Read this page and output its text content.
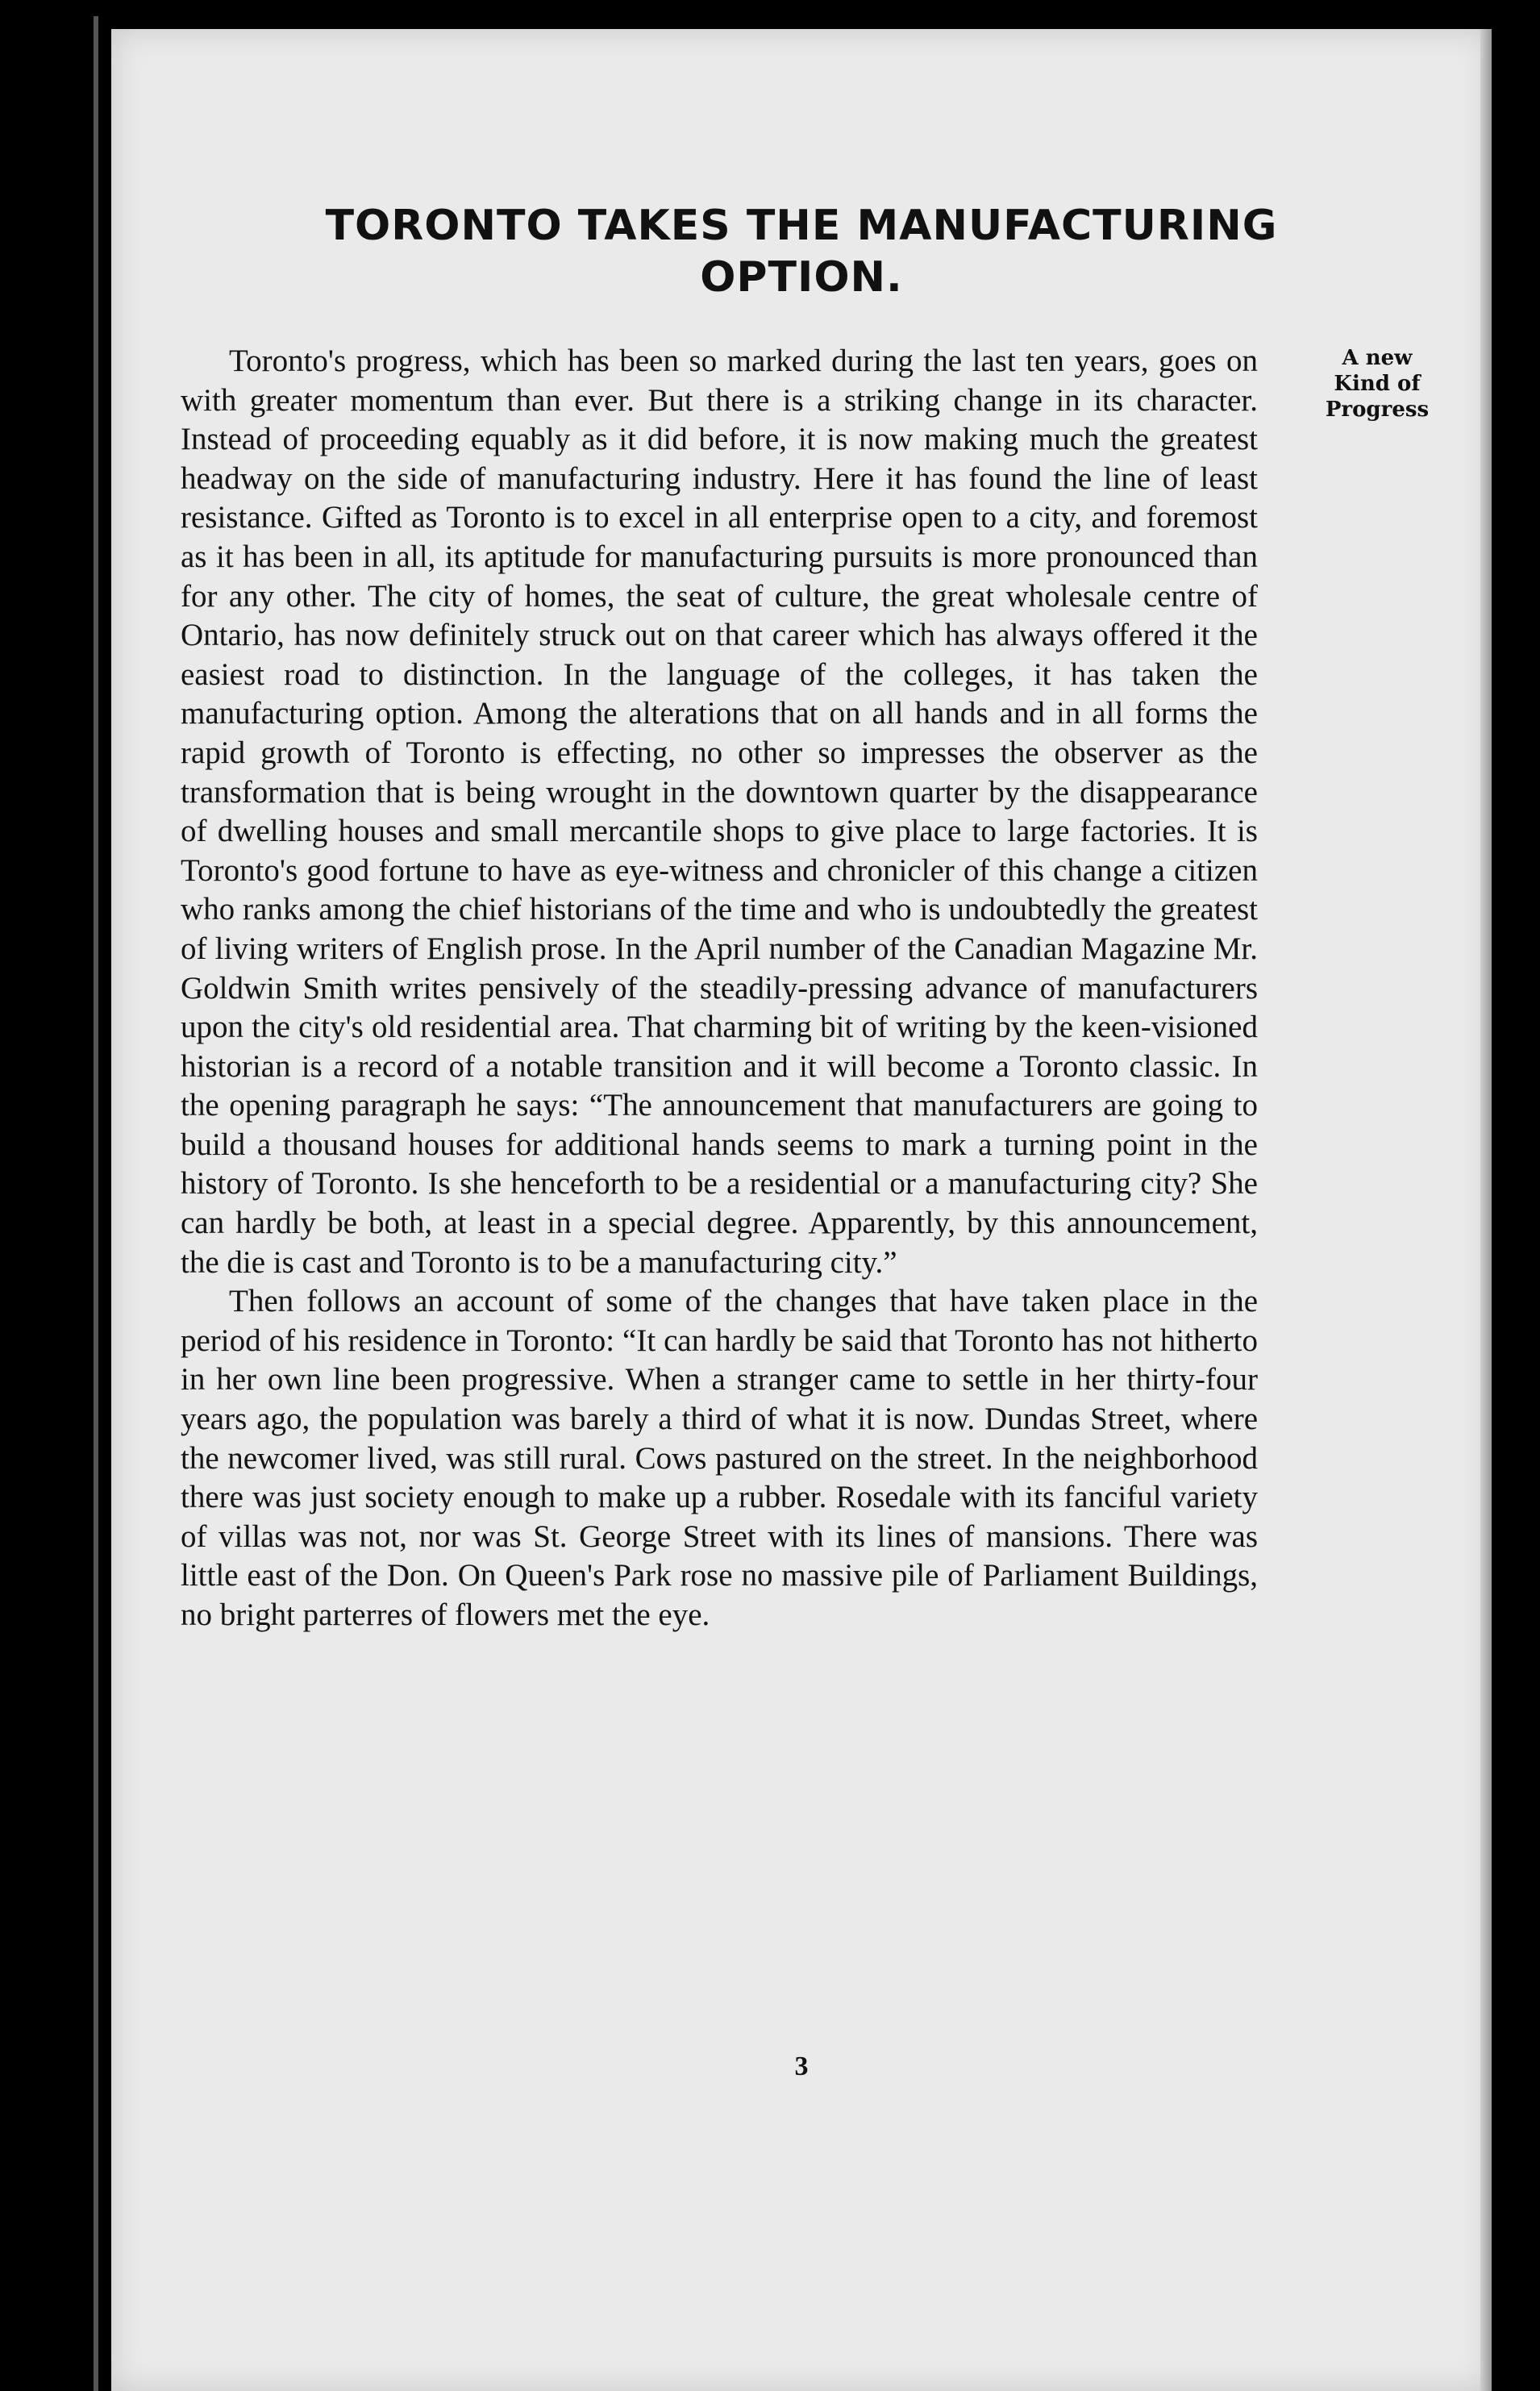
TORONTO TAKES THE MANUFACTURING
OPTION.
A new
Kind of
Progress

Toronto's progress, which has been so marked during the last ten years, goes on with greater momentum than ever. But there is a striking change in its character. Instead of proceeding equably as it did before, it is now making much the greatest headway on the side of manufacturing industry. Here it has found the line of least resistance. Gifted as Toronto is to excel in all enterprise open to a city, and foremost as it has been in all, its aptitude for manufacturing pursuits is more pronounced than for any other. The city of homes, the seat of culture, the great wholesale centre of Ontario, has now definitely struck out on that career which has always offered it the easiest road to distinction. In the language of the colleges, it has taken the manufacturing option. Among the alterations that on all hands and in all forms the rapid growth of Toronto is effecting, no other so impresses the observer as the transformation that is being wrought in the downtown quarter by the disappearance of dwelling houses and small mercantile shops to give place to large factories. It is Toronto's good fortune to have as eye-witness and chronicler of this change a citizen who ranks among the chief historians of the time and who is undoubtedly the greatest of living writers of English prose. In the April number of the Canadian Magazine Mr. Goldwin Smith writes pensively of the steadily-pressing advance of manufacturers upon the city's old residential area. That charming bit of writing by the keen-visioned historian is a record of a notable transition and it will become a Toronto classic. In the opening paragraph he says: “The announcement that manufacturers are going to build a thousand houses for additional hands seems to mark a turning point in the history of Toronto. Is she henceforth to be a residential or a manufacturing city? She can hardly be both, at least in a special degree. Apparently, by this announcement, the die is cast and Toronto is to be a manufacturing city.”

Then follows an account of some of the changes that have taken place in the period of his residence in Toronto: “It can hardly be said that Toronto has not hitherto in her own line been progressive. When a stranger came to settle in her thirty-four years ago, the population was barely a third of what it is now. Dundas Street, where the newcomer lived, was still rural. Cows pastured on the street. In the neighborhood there was just society enough to make up a rubber. Rosedale with its fanciful variety of villas was not, nor was St. George Street with its lines of mansions. There was little east of the Don. On Queen's Park rose no massive pile of Parliament Buildings, no bright parterres of flowers met the eye.

3
